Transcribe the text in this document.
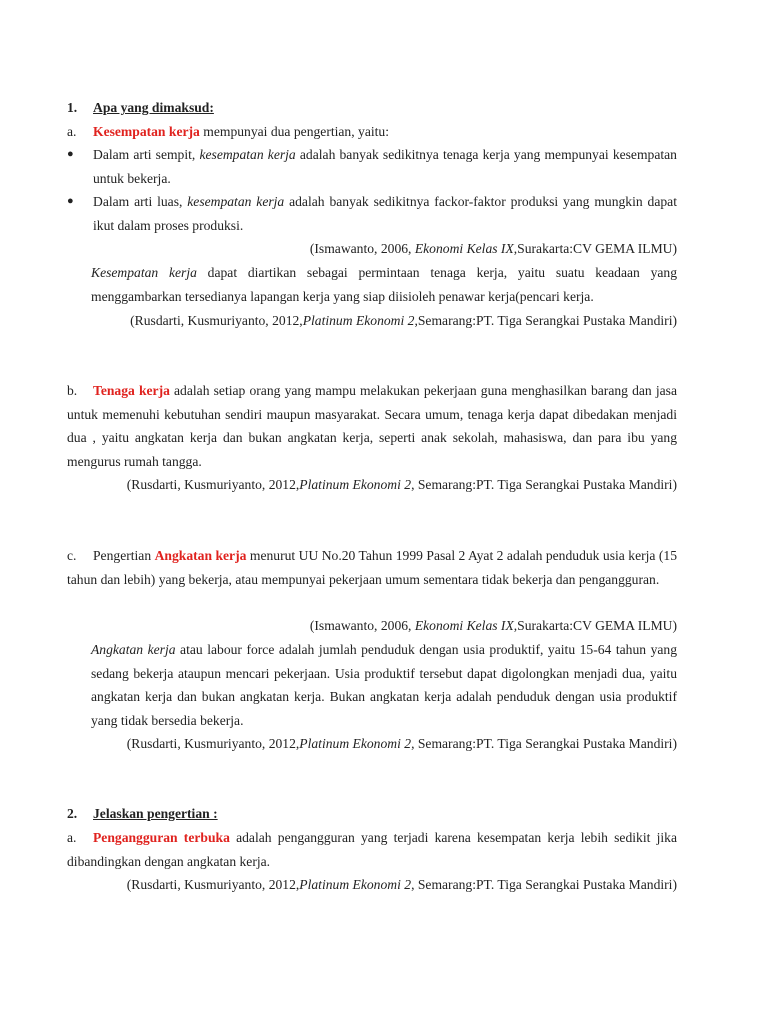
1. Apa yang dimaksud:
a. Kesempatan kerja mempunyai dua pengertian, yaitu:
● Dalam arti sempit, kesempatan kerja adalah banyak sedikitnya tenaga kerja yang mempunyai kesempatan untuk bekerja.
● Dalam arti luas, kesempatan kerja adalah banyak sedikitnya fackor-faktor produksi yang mungkin dapat ikut dalam proses produksi.
(Ismawanto, 2006, Ekonomi Kelas IX,Surakarta:CV GEMA ILMU)
Kesempatan kerja dapat diartikan sebagai permintaan tenaga kerja, yaitu suatu keadaan yang menggambarkan tersedianya lapangan kerja yang siap diisioleh penawar kerja(pencari kerja.
(Rusdarti, Kusmuriyanto, 2012,Platinum Ekonomi 2,Semarang:PT. Tiga Serangkai Pustaka Mandiri)
b. Tenaga kerja adalah setiap orang yang mampu melakukan pekerjaan guna menghasilkan barang dan jasa untuk memenuhi kebutuhan sendiri maupun masyarakat. Secara umum, tenaga kerja dapat dibedakan menjadi dua , yaitu angkatan kerja dan bukan angkatan kerja, seperti anak sekolah, mahasiswa, dan para ibu yang mengurus rumah tangga.
(Rusdarti, Kusmuriyanto, 2012,Platinum Ekonomi 2, Semarang:PT. Tiga Serangkai Pustaka Mandiri)
c. Pengertian Angkatan kerja menurut UU No.20 Tahun 1999 Pasal 2 Ayat 2 adalah penduduk usia kerja (15 tahun dan lebih) yang bekerja, atau mempunyai pekerjaan umum sementara tidak bekerja dan pengangguran.
(Ismawanto, 2006, Ekonomi Kelas IX,Surakarta:CV GEMA ILMU)
Angkatan kerja atau labour force adalah jumlah penduduk dengan usia produktif, yaitu 15-64 tahun yang sedang bekerja ataupun mencari pekerjaan. Usia produktif tersebut dapat digolongkan menjadi dua, yaitu angkatan kerja dan bukan angkatan kerja. Bukan angkatan kerja adalah penduduk dengan usia produktif yang tidak bersedia bekerja.
(Rusdarti, Kusmuriyanto, 2012,Platinum Ekonomi 2, Semarang:PT. Tiga Serangkai Pustaka Mandiri)
2. Jelaskan pengertian :
a. Pengangguran terbuka adalah pengangguran yang terjadi karena kesempatan kerja lebih sedikit jika dibandingkan dengan angkatan kerja.
(Rusdarti, Kusmuriyanto, 2012,Platinum Ekonomi 2, Semarang:PT. Tiga Serangkai Pustaka Mandiri)
